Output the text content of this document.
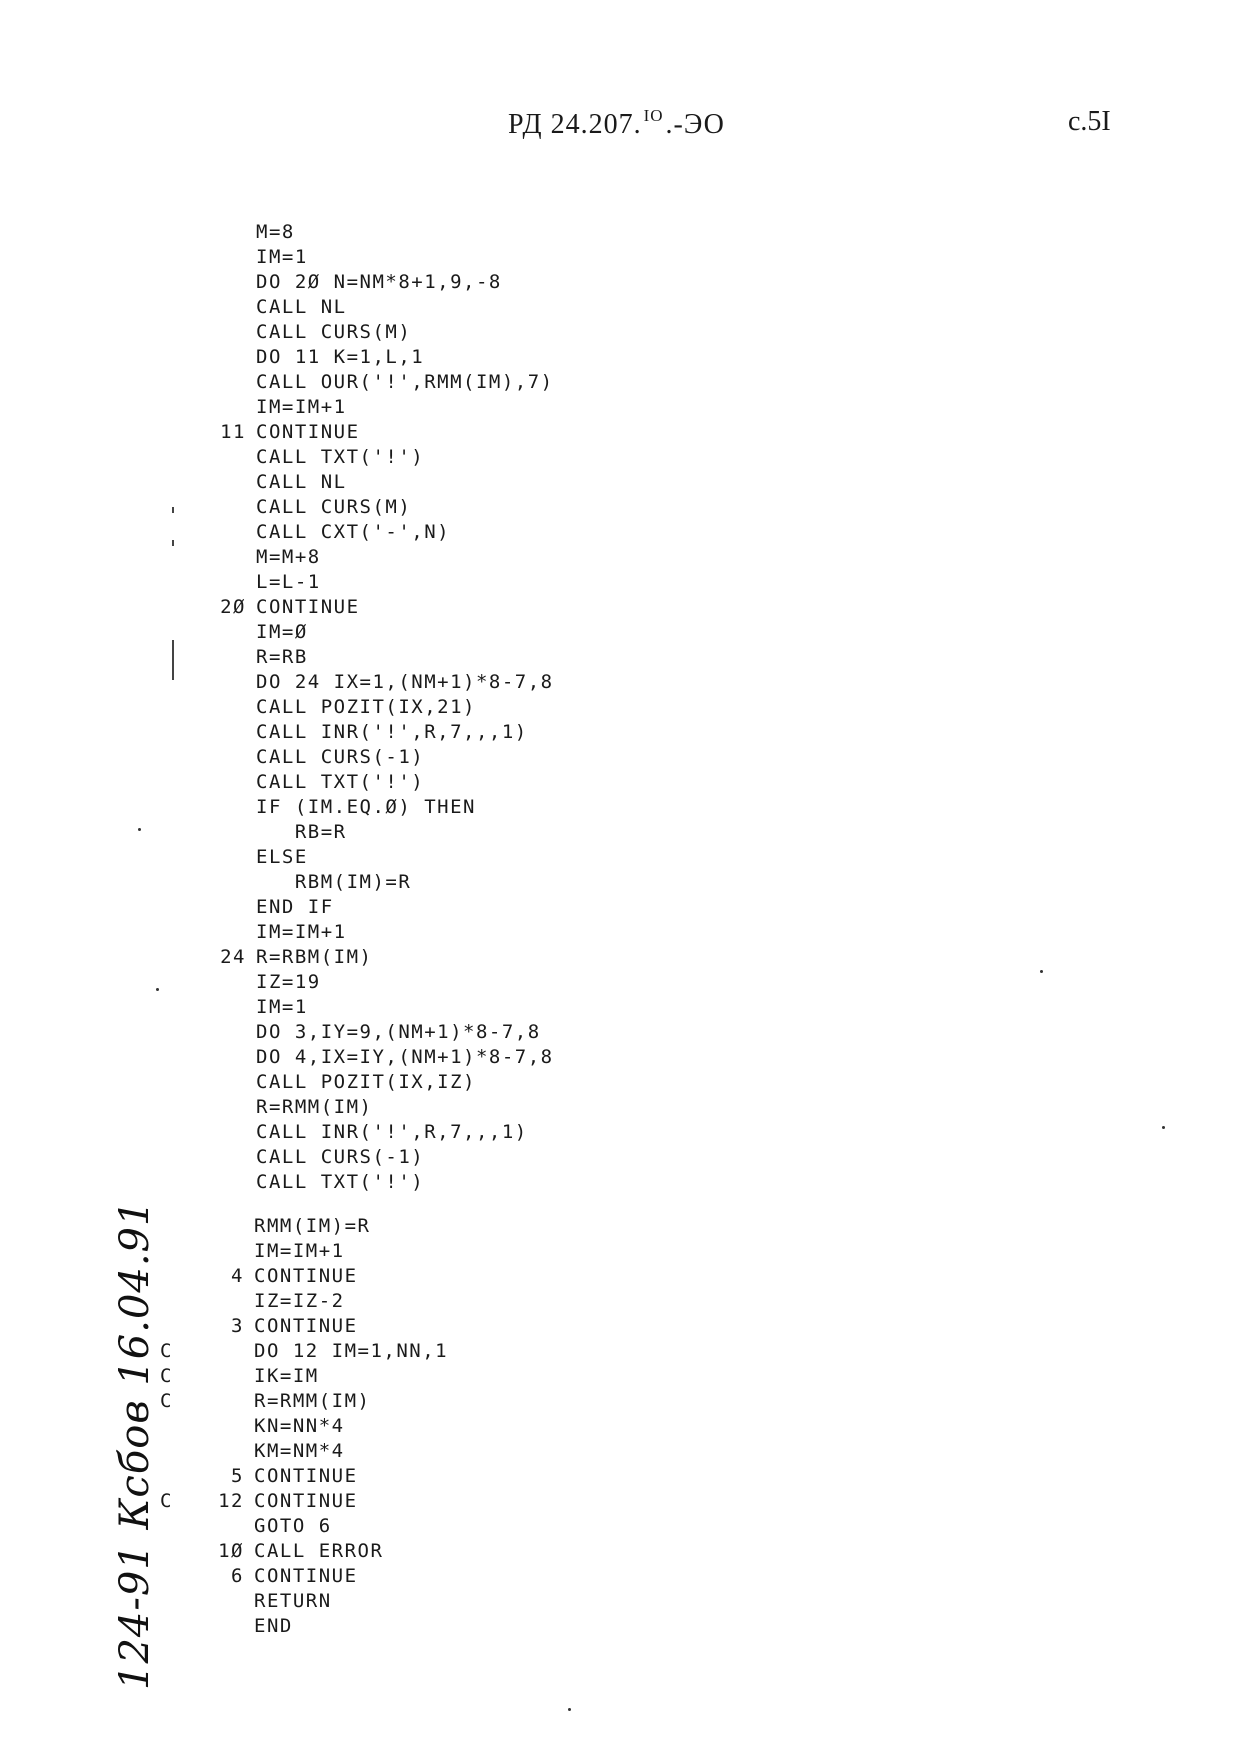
РД 24.207. $^{IO}$.-ЭО	с.5I
M=8
IM=1
DO 2Ø N=NM*8+1,9,-8
CALL NL
CALL CURS(M)
DO 11 K=1,L,1
CALL OUR('!',RMM(IM),7)
IM=IM+1
11 CONTINUE
CALL TXT('!')
CALL NL
CALL CURS(M)
CALL CXT('-',N)
M=M+8
L=L-1
2Ø CONTINUE
IM=Ø
R=RB
DO 24 IX=1,(NM+1)*8-7,8
CALL POZIT(IX,21)
CALL INR('!',R,7,,,1)
CALL CURS(-1)
CALL TXT('!')
IF (IM.EQ.Ø) THEN
RB=R
ELSE
RBM(IM)=R
END IF
IM=IM+1
24 R=RBM(IM)
IZ=19
IM=1
DO 3,IY=9,(NM+1)*8-7,8
DO 4,IX=IY,(NM+1)*8-7,8
CALL POZIT(IX,IZ)
R=RMM(IM)
CALL INR('!',R,7,,,1)
CALL CURS(-1)
CALL TXT('!')
RMM(IM)=R
IM=IM+1
4 CONTINUE
IZ=IZ-2
3 CONTINUE
C	DO 12 IM=1,NN,1
C	IK=IM
C	R=RMM(IM)
KN=NN*4
KM=NM*4
5 CONTINUE
C 12 CONTINUE
GOTO 6
1Ø CALL ERROR
6 CONTINUE
RETURN
END
124-91 Ксбов 16.04.91
